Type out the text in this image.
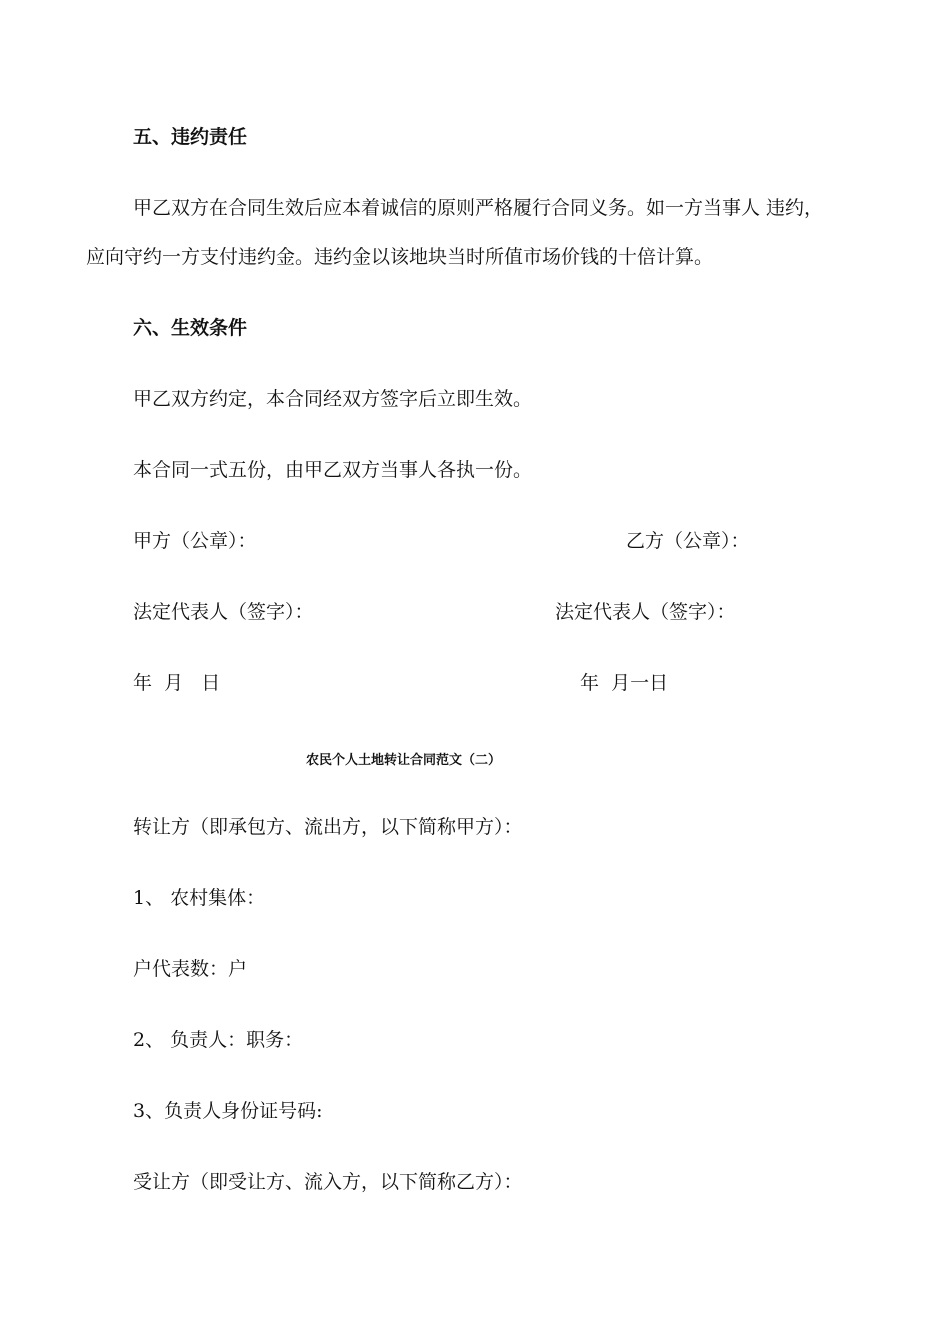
五、违约责任

甲乙双方在合同生效后应本着诚信的原则严格履行合同义务。如一方当事人 违约，

应向守约一方支付违约金。违约金以该地块当时所值市场价钱的十倍计算。

六、生效条件

甲乙双方约定，本合同经双方签字后立即生效。

本合同一式五份，由甲乙双方当事人各执一份。

甲方（公章）：	乙方（公章）：

法定代表人（签字）：	法定代表人（签字）：

年  月   日	年  月一日

农民个人土地转让合同范文（二）

转让方（即承包方、流出方，以下简称甲方）：

1、 农村集体：

户代表数：户

2、 负责人：职务：

3、负责人身份证号码:

受让方（即受让方、流入方，以下简称乙方）：
